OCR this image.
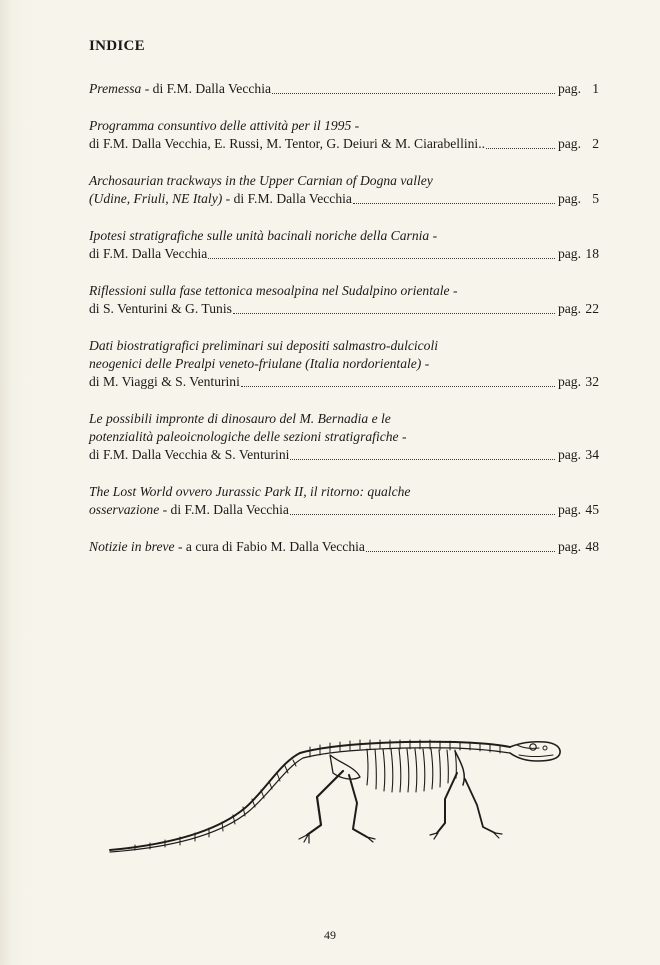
INDICE
Premessa - di F.M. Dalla Vecchia	pag. 1
Programma consuntivo delle attività per il 1995 -
di F.M. Dalla Vecchia, E. Russi, M. Tentor, G. Deiuri & M. Ciarabellini..	pag. 2
Archosaurian trackways in the Upper Carnian of Dogna valley
(Udine, Friuli, NE Italy) - di F.M. Dalla Vecchia	pag. 5
Ipotesi stratigrafiche sulle unità bacinali noriche della Carnia -
di F.M. Dalla Vecchia	pag. 18
Riflessioni sulla fase tettonica mesoalpina nel Sudalpino orientale -
di S. Venturini & G. Tunis	pag. 22
Dati biostratigrafici preliminari sui depositi salmastro-dulcicoli
neogenici delle Prealpi veneto-friulane (Italia nordorientale) -
di M. Viaggi & S. Venturini	pag. 32
Le possibili impronte di dinosauro del M. Bernadia e le
potenzialità paleoicnologiche delle sezioni stratigrafiche -
di F.M. Dalla Vecchia & S. Venturini	pag. 34
The Lost World ovvero Jurassic Park II, il ritorno: qualche
osservazione - di F.M. Dalla Vecchia	pag. 45
Notizie in breve - a cura di Fabio M. Dalla Vecchia	pag. 48
49
